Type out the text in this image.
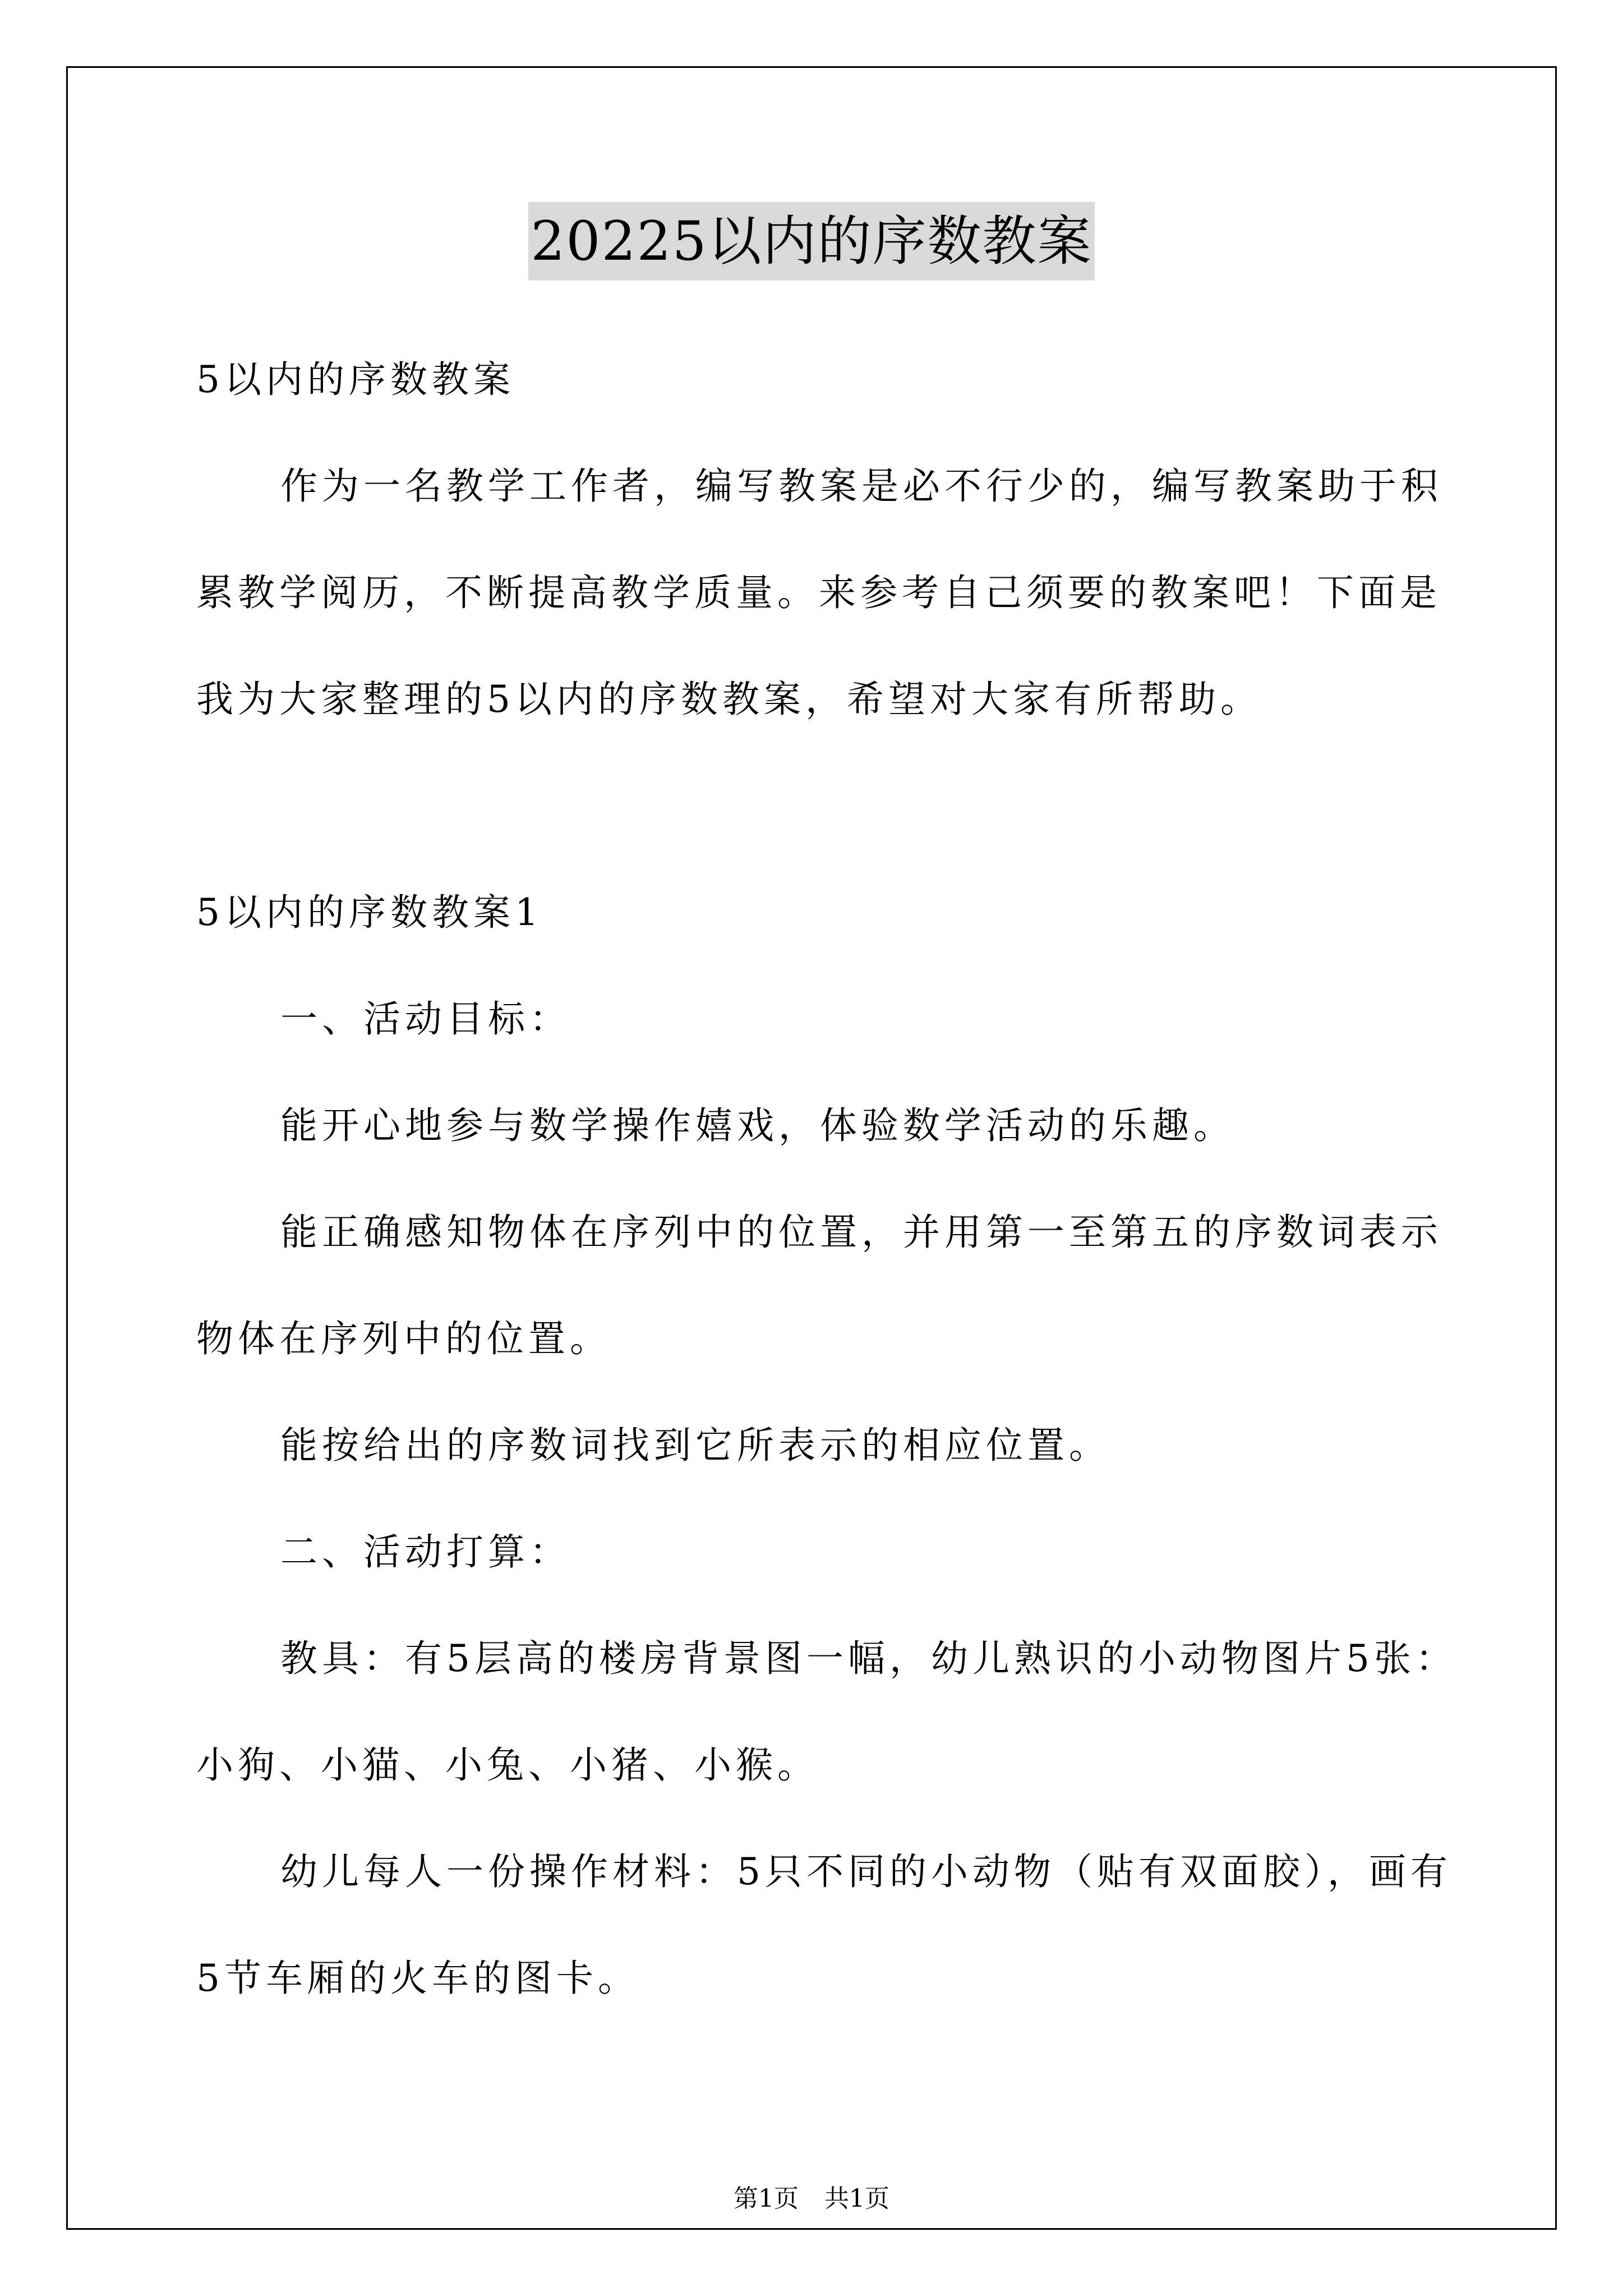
20225以内的序数教案
5以内的序数教案
作为一名教学工作者，编写教案是必不行少的，编写教案助于积
累教学阅历，不断提高教学质量。来参考自己须要的教案吧！下面是
我为大家整理的5以内的序数教案，希望对大家有所帮助。
5以内的序数教案1
一、活动目标：
能开心地参与数学操作嬉戏，体验数学活动的乐趣。
能正确感知物体在序列中的位置，并用第一至第五的序数词表示
物体在序列中的位置。
能按给出的序数词找到它所表示的相应位置。
二、活动打算：
教具：有5层高的楼房背景图一幅，幼儿熟识的小动物图片5张：
小狗、小猫、小兔、小猪、小猴。
幼儿每人一份操作材料：5只不同的小动物（贴有双面胶），画有
5节车厢的火车的图卡。
第1页 共1页
